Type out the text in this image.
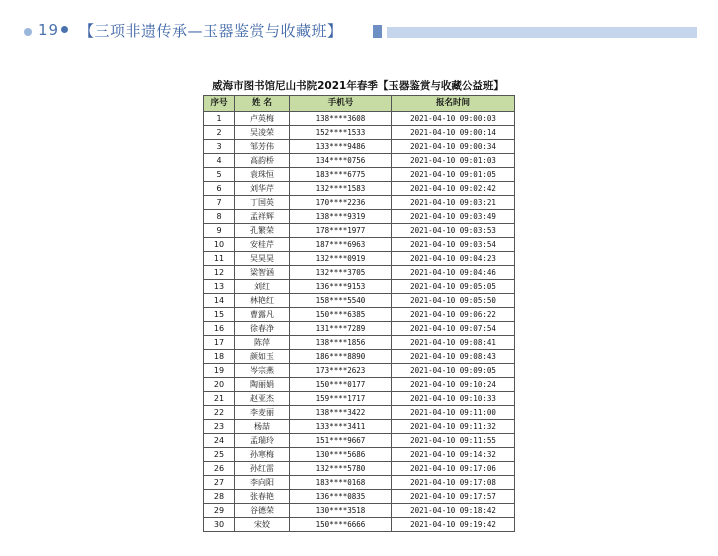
19	【三项非遗传承—玉器鉴赏与收藏班】
威海市图书馆尼山书院2021年春季【玉器鉴赏与收藏公益班】
序号	姓 名	手机号	报名时间
1	卢英梅	138****3608	2021-04-10 09:00:03
2	吴凌荣	152****1533	2021-04-10 09:00:14
3	邹芳伟	133****9486	2021-04-10 09:00:34
4	高韵桥	134****0756	2021-04-10 09:01:03
5	袁珠恒	183****6775	2021-04-10 09:01:05
6	刘华芹	132****1583	2021-04-10 09:02:42
7	丁国英	170****2236	2021-04-10 09:03:21
8	孟祥辉	138****9319	2021-04-10 09:03:49
9	孔繁荣	178****1977	2021-04-10 09:03:53
10	安桂芹	187****6963	2021-04-10 09:03:54
11	吴昊昊	132****0919	2021-04-10 09:04:23
12	梁智涵	132****3705	2021-04-10 09:04:46
13	刘红	136****9153	2021-04-10 09:05:05
14	林艳红	158****5540	2021-04-10 09:05:50
15	曹露凡	150****6385	2021-04-10 09:06:22
16	徐春净	131****7289	2021-04-10 09:07:54
17	陈萍	138****1856	2021-04-10 09:08:41
18	颜如玉	186****8890	2021-04-10 09:08:43
19	岑宗燕	173****2623	2021-04-10 09:09:05
20	陶丽娟	150****0177	2021-04-10 09:10:24
21	赵亚杰	159****1717	2021-04-10 09:10:33
22	李麦丽	138****3422	2021-04-10 09:11:00
23	杨喆	133****3411	2021-04-10 09:11:32
24	孟瑞玲	151****9667	2021-04-10 09:11:55
25	孙寒梅	130****5686	2021-04-10 09:14:32
26	孙红雷	132****5780	2021-04-10 09:17:06
27	李向阳	183****0168	2021-04-10 09:17:08
28	张春艳	136****0835	2021-04-10 09:17:57
29	谷德荣	130****3518	2021-04-10 09:18:42
30	宋姣	150****6666	2021-04-10 09:19:42
